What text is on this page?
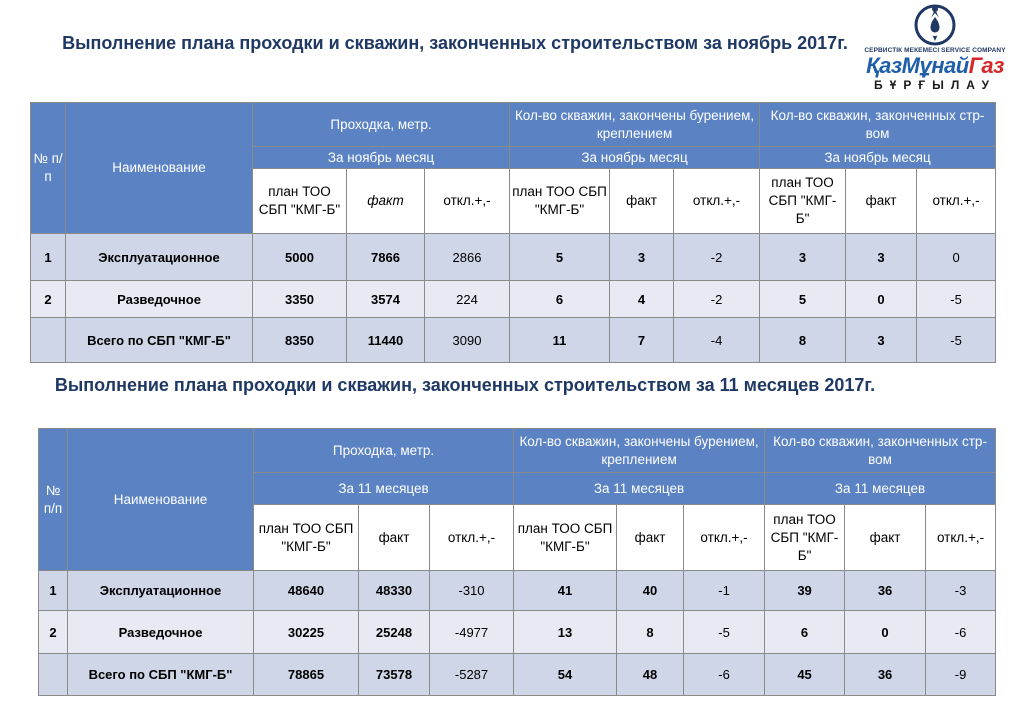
Выполнение плана проходки и скважин, законченных строительством за ноябрь 2017г.	СЕРВИСТІК МЕКЕМЕСІ SERVICE COMPANY
ҚазМұнайГаз
БҰРҒЫЛАУ
№ п/п	Наименование	Проходка, метр.			Кол-во скважин, закончены бурением, креплением			Кол-во скважин, законченных стр-вом		
		За ноябрь месяц			За ноябрь месяц			За ноябрь месяц		
		план ТОО СБП "КМГ-Б"	факт	откл.+,-	план ТОО СБП "КМГ-Б"	факт	откл.+,-	план ТОО СБП "КМГ-Б"	факт	откл.+,-
1	Эксплуатационное	5000	7866	2866	5	3	-2	3	3	0
2	Разведочное	3350	3574	224	6	4	-2	5	0	-5
	Всего по СБП "КМГ-Б"	8350	11440	3090	11	7	-4	8	3	-5
Выполнение плана проходки и скважин, законченных строительством за 11 месяцев 2017г.
№ п/п	Наименование	Проходка, метр.			Кол-во скважин, закончены бурением, креплением			Кол-во скважин, законченных стр-вом		
		За 11 месяцев			За 11 месяцев			За 11 месяцев		
		план ТОО СБП "КМГ-Б"	факт	откл.+,-	план ТОО СБП "КМГ-Б"	факт	откл.+,-	план ТОО СБП "КМГ-Б"	факт	откл.+,-
1	Эксплуатационное	48640	48330	-310	41	40	-1	39	36	-3
2	Разведочное	30225	25248	-4977	13	8	-5	6	0	-6
	Всего по СБП "КМГ-Б"	78865	73578	-5287	54	48	-6	45	36	-9
